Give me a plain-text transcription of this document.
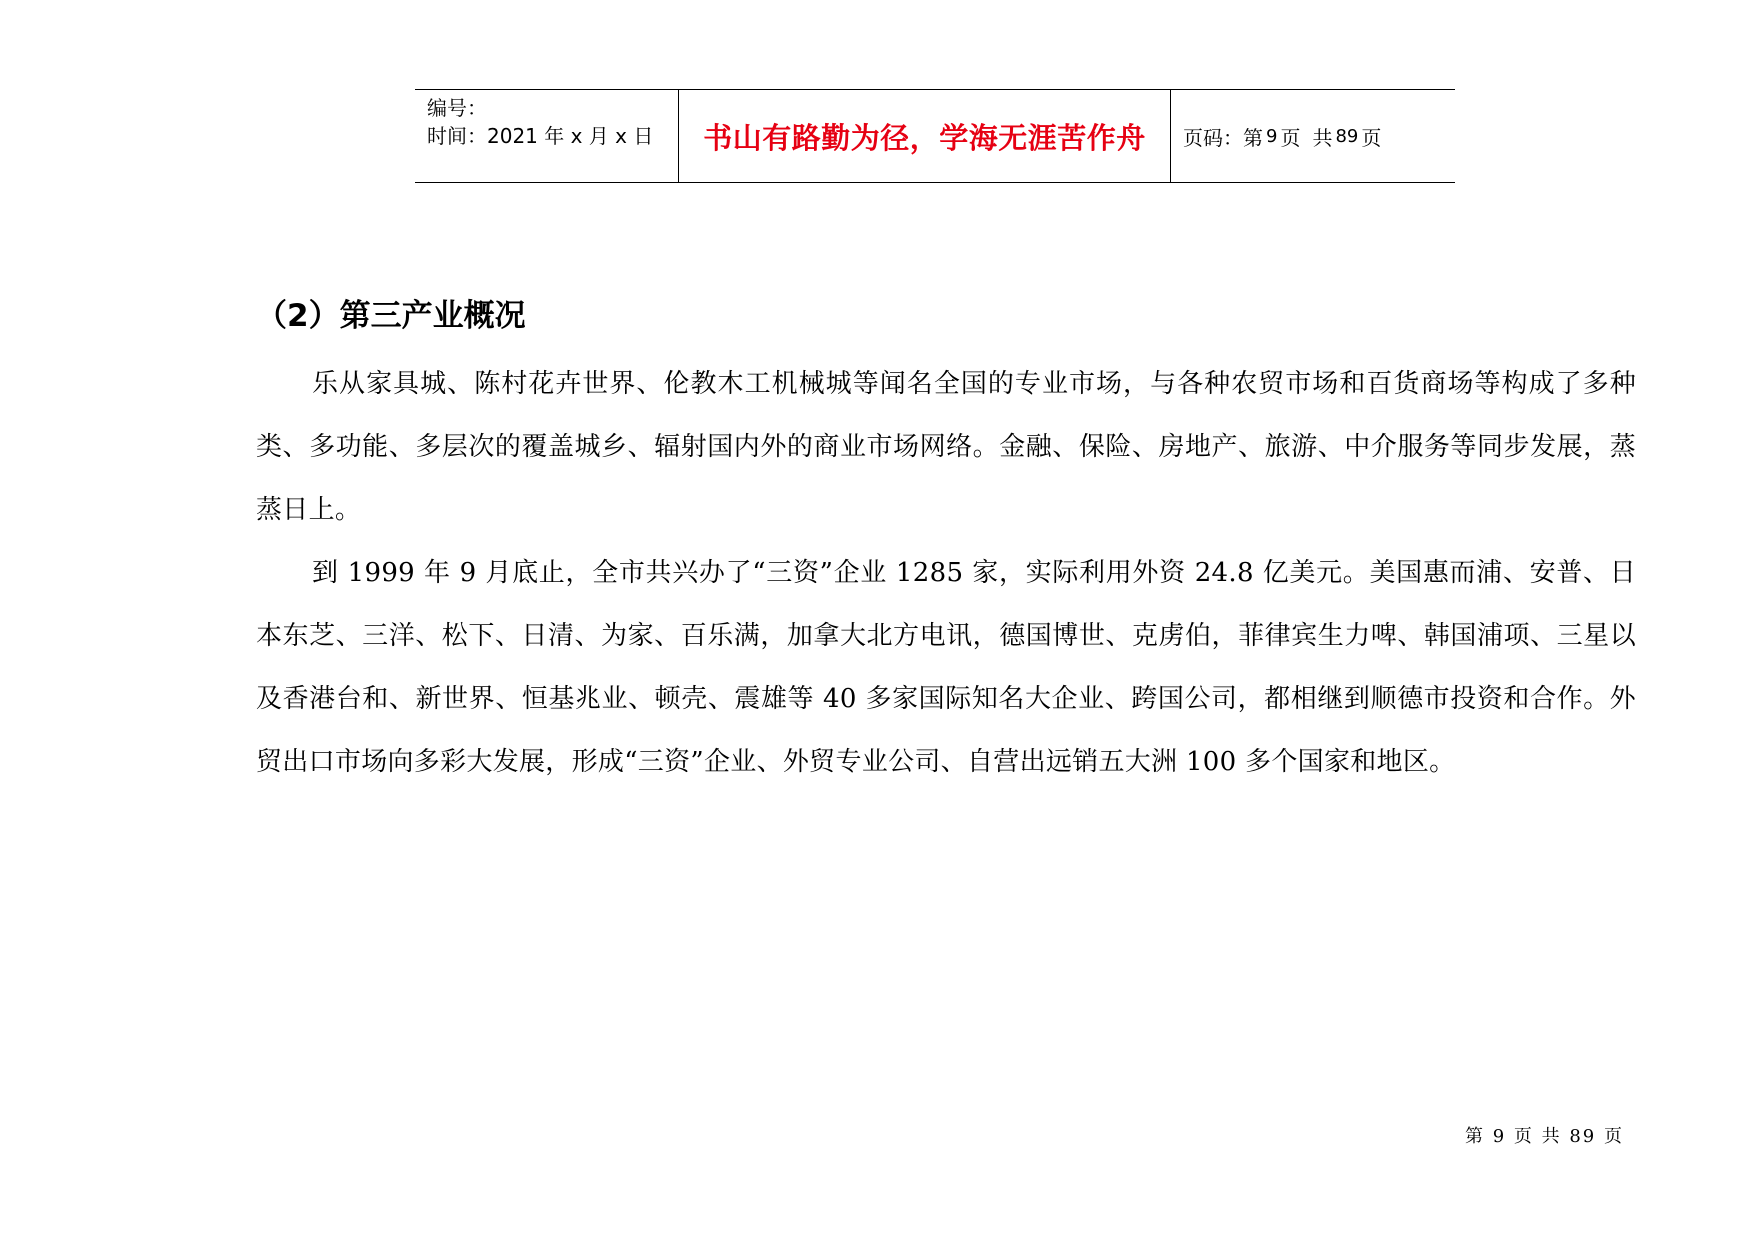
编号：
时间：2021 年 x 月 x 日	书山有路勤为径，学海无涯苦作舟	页码：第 9 页 共 89 页
（2）第三产业概况

乐从家具城、陈村花卉世界、伦教木工机械城等闻名全国的专业市场，与各种农贸市场和百货商场等构成了多种类、多功能、多层次的覆盖城乡、辐射国内外的商业市场网络。金融、保险、房地产、旅游、中介服务等同步发展，蒸蒸日上。

到 1999 年 9 月底止，全市共兴办了“三资”企业 1285 家，实际利用外资 24.8 亿美元。美国惠而浦、安普、日本东芝、三洋、松下、日清、为家、百乐满，加拿大北方电讯，德国博世、克虏伯，菲律宾生力啤、韩国浦项、三星以及香港台和、新世界、恒基兆业、顿壳、震雄等 40 多家国际知名大企业、跨国公司，都相继到顺德市投资和合作。外贸出口市场向多彩大发展，形成“三资”企业、外贸专业公司、自营出远销五大洲 100 多个国家和地区。

第 9 页 共 89 页
